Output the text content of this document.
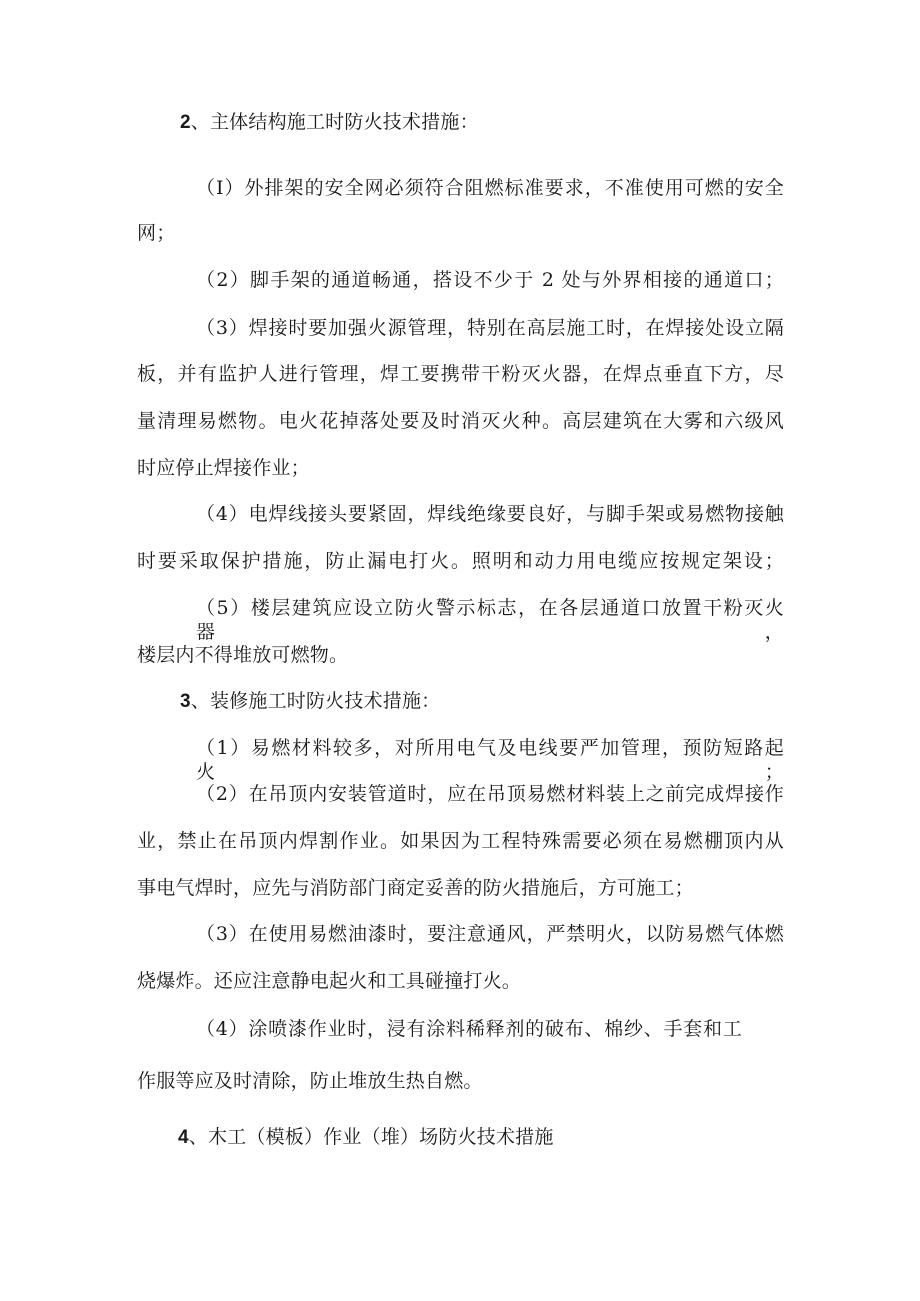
2、主体结构施工时防火技术措施：
（I）外排架的安全网必须符合阻燃标准要求，不准使用可燃的安全
网；
（2）脚手架的通道畅通，搭设不少于 2 处与外界相接的通道口；
（3）焊接时要加强火源管理，特别在高层施工时，在焊接处设立隔
板，并有监护人进行管理，焊工要携带干粉灭火器，在焊点垂直下方，尽
量清理易燃物。电火花掉落处要及时消灭火种。高层建筑在大雾和六级风
时应停止焊接作业；
（4）电焊线接头要紧固，焊线绝缘要良好，与脚手架或易燃物接触
时要采取保护措施，防止漏电打火。照明和动力用电缆应按规定架设；
（5）楼层建筑应设立防火警示标志，在各层通道口放置干粉灭火器，
楼层内不得堆放可燃物。
3、装修施工时防火技术措施：
（1）易燃材料较多，对所用电气及电线要严加管理，预防短路起火；
（2）在吊顶内安装管道时，应在吊顶易燃材料装上之前完成焊接作
业，禁止在吊顶内焊割作业。如果因为工程特殊需要必须在易燃棚顶内从
事电气焊时，应先与消防部门商定妥善的防火措施后，方可施工；
（3）在使用易燃油漆时，要注意通风，严禁明火，以防易燃气体燃
烧爆炸。还应注意静电起火和工具碰撞打火。
（4）涂喷漆作业时，浸有涂料稀释剂的破布、棉纱、手套和工
作服等应及时清除，防止堆放生热自燃。
4、木工（模板）作业（堆）场防火技术措施
